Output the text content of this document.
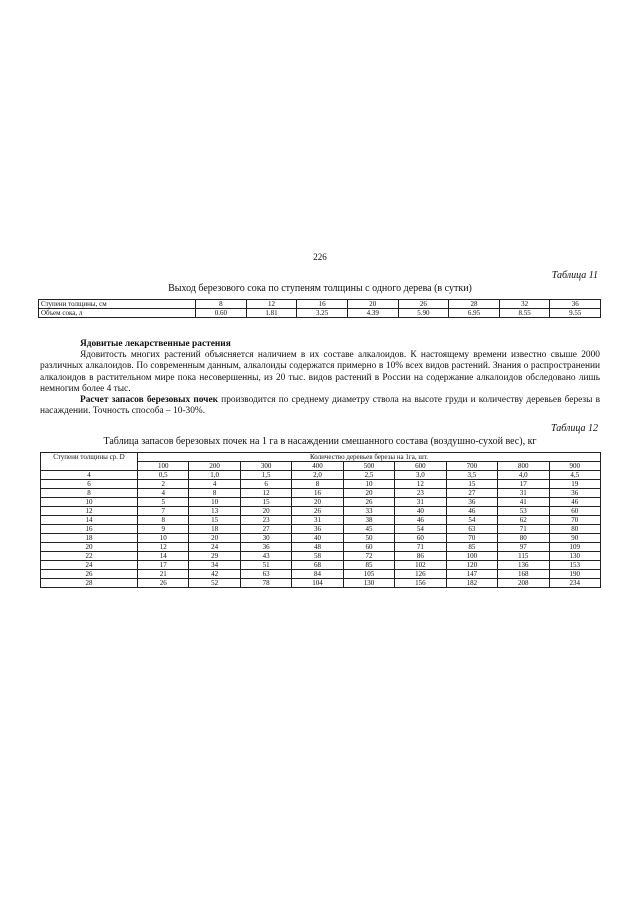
226
Таблица 11
Выход березового сока по ступеням толщины с одного дерева (в сутки)
Ступени толщины, см	8	12	16	20	26	28	32	36
Объем сока, л	0.60	1.81	3.25	4.39	5.90	6.95	8.55	9.55
Ядовитые лекарственные растения
Ядовитость многих растений объясняется наличием в их составе алкалоидов. К настоящему времени известно свыше 2000 различных алкалоидов. По современным данным, алкалоиды содержатся примерно в 10% всех видов растений. Знания о распространении алкалоидов в растительном мире пока несовершенны, из 20 тыс. видов растений в России на содержание алкалоидов обследовано лишь немногим более 4 тыс.
Расчет запасов березовых почек производится по среднему диаметру ствола на высоте груди и количеству деревьев березы в насаждении. Точность способа – 10-30%.
Таблица 12
Таблица запасов березовых почек на 1 га в насаждении смешанного состава (воздушно-сухой вес), кг
Ступени толщины ср. D	Количество деревьев березы на 1га, шт.								
	100	200	300	400	500	600	700	800	900
4	0,5	1,0	1,5	2,0	2,5	3,0	3,5	4,0	4,5
6	2	4	6	8	10	12	15	17	19
8	4	8	12	16	20	23	27	31	36
10	5	10	15	20	26	31	36	41	46
12	7	13	20	26	33	40	46	53	60
14	8	15	23	31	38	46	54	62	70
16	9	18	27	36	45	54	63	71	80
18	10	20	30	40	50	60	70	80	90
20	12	24	36	48	60	71	85	97	109
22	14	29	43	58	72	86	100	115	130
24	17	34	51	68	85	102	120	136	153
26	21	42	63	84	105	126	147	168	190
28	26	52	78	104	130	156	182	208	234
